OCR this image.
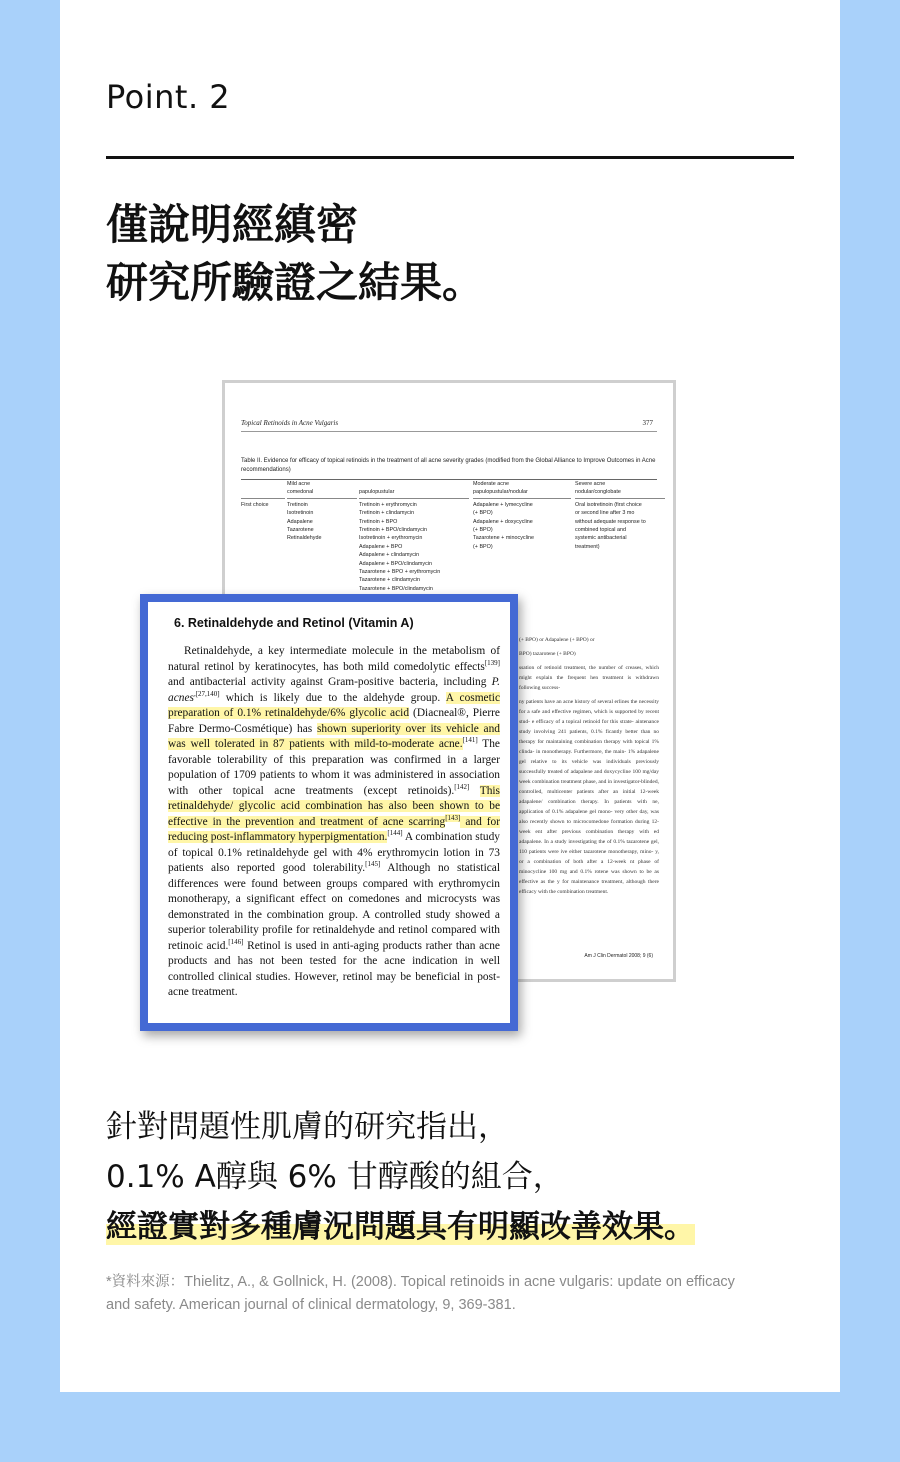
Point. 2
僅說明經縝密
研究所驗證之結果。
Topical Retinoids in Acne Vulgaris	377
Table II. Evidence for efficacy of topical retinoids in the treatment of all acne severity grades (modified from the Global Alliance to Improve Outcomes in Acne recommendations)

First choice
Mild acne
comedonal
Tretinoin
Isotretinoin
Adapalene
Tazarotene
Retinaldehyde

papulopustular
Tretinoin + erythromycin
Tretinoin + clindamycin
Tretinoin + BPO
Tretinoin + BPO/clindamycin
Isotretinoin + erythromycin
Adapalene + BPO
Adapalene + clindamycin
Adapalene + BPO/clindamycin
Tazarotene + BPO + erythromycin
Tazarotene + clindamycin
Tazarotene + BPO/clindamycin
Moderate acne
papulopustular/nodular
Adapalene + lymecycline
(+ BPO)
Adapalene + doxycycline
(+ BPO)
Tazarotene + minocycline
(+ BPO)
Severe acne
nodular/conglobate
Oral isotretinoin (first choice
or second line after 3 mo
without adequate response to
combined topical and
systemic antibacterial
treatment)
(+ BPO) or Adapalene (+ BPO) or
BPO) tazarotene (+ BPO)
ssation of retinoid treatment, the number of creases, which might explain the frequent hen treatment is withdrawn following success-
ny patients have an acne history of several erlines the necessity for a safe and effective regimen, which is supported by recent stud- e efficacy of a topical retinoid for this strate- aintenance study involving 241 patients, 0.1% ficantly better than no therapy for maintaining combination therapy with topical 1% clinda- in monotherapy. Furthermore, the main- 1% adapalene gel relative to its vehicle was individuals previously successfully treated of adapalene and doxycycline 100 mg/day week combination treatment phase, and in investigator-blinded, controlled, multicenter patients after an initial 12-week adapalene/ combination therapy. In patients with ne, application of 0.1% adapalene gel mono- very other day, was also recently shown to microcomedone formation during 12-week ent after previous combination therapy with ed adapalene. In a study investigating the of 0.1% tazarotene gel, 110 patients were ive either tazarotene monotherapy, mino- y, or a combination of both after a 12-week nt phase of minocycline 100 mg and 0.1% rotene was shown to be as effective as the y for maintenance treatment, although there efficacy with the combination treatment.
Am J Clin Dermatol 2008; 9 (6)
6. Retinaldehyde and Retinol (Vitamin A)

Retinaldehyde, a key intermediate molecule in the metabolism of natural retinol by keratinocytes, has both mild comedolytic effects[139] and antibacterial activity against Gram-positive bacteria, including P. acnes$^{,[27,140]}$ which is likely due to the aldehyde group. A cosmetic preparation of 0.1% retinaldehyde/6% glycolic acid (Diacneal®, Pierre Fabre Dermo-Cosmétique) has shown superiority over its vehicle and was well tolerated in 87 patients with mild-to-moderate acne.[141] The favorable tolerability of this preparation was confirmed in a larger population of 1709 patients to whom it was administered in association with other topical acne treatments (except retinoids).[142] This retinaldehyde/ glycolic acid combination has also been shown to be effective in the prevention and treatment of acne scarring[143] and for reducing post-inflammatory hyperpigmentation.[144] A combination study of topical 0.1% retinaldehyde gel with 4% erythromycin lotion in 73 patients also reported good tolerability.[145] Although no statistical differences were found between groups compared with erythromycin monotherapy, a significant effect on comedones and microcysts was demonstrated in the combination group. A controlled study showed a superior tolerability profile for retinaldehyde and retinol compared with retinoic acid.[146] Retinol is used in anti-aging products rather than acne products and has not been tested for the acne indication in well controlled clinical studies. However, retinol may be beneficial in post-acne treatment.

針對問題性肌膚的研究指出，
0.1% A醇與 6% 甘醇酸的組合，
經證實對多種膚況問題具有明顯改善效果。
*資料來源：Thielitz, A., & Gollnick, H. (2008). Topical retinoids in acne vulgaris: update on efficacy and safety. American journal of clinical dermatology, 9, 369-381.
